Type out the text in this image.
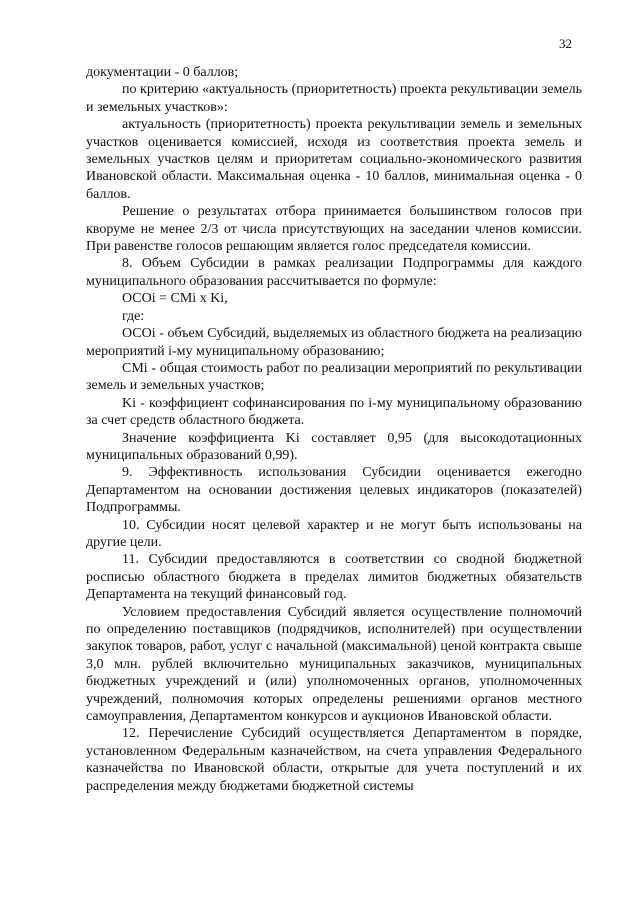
32

документации - 0 баллов;

по критерию «актуальность (приоритетность) проекта рекультивации земель и земельных участков»:

актуальность (приоритетность) проекта рекультивации земель и земельных участков оценивается комиссией, исходя из соответствия проекта земель и земельных участков целям и приоритетам социально-экономического развития Ивановской области. Максимальная оценка - 10 баллов, минимальная оценка - 0 баллов.

Решение о результатах отбора принимается большинством голосов при кворуме не менее 2/3 от числа присутствующих на заседании членов комиссии. При равенстве голосов решающим является голос председателя комиссии.

8. Объем Субсидии в рамках реализации Подпрограммы для каждого муниципального образования рассчитывается по формуле:

ОСОi = СМi x Ki,

где:

ОСОi - объем Субсидий, выделяемых из областного бюджета на реализацию мероприятий i-му муниципальному образованию;

СМi - общая стоимость работ по реализации мероприятий по рекультивации земель и земельных участков;

Ki - коэффициент софинансирования по i-му муниципальному образованию за счет средств областного бюджета.

Значение коэффициента Ki составляет 0,95 (для высокодотационных муниципальных образований 0,99).

9. Эффективность использования Субсидии оценивается ежегодно Департаментом на основании достижения целевых индикаторов (показателей) Подпрограммы.

10. Субсидии носят целевой характер и не могут быть использованы на другие цели.

11. Субсидии предоставляются в соответствии со сводной бюджетной росписью областного бюджета в пределах лимитов бюджетных обязательств Департамента на текущий финансовый год.

Условием предоставления Субсидий является осуществление полномочий по определению поставщиков (подрядчиков, исполнителей) при осуществлении закупок товаров, работ, услуг с начальной (максимальной) ценой контракта свыше 3,0 млн. рублей включительно муниципальных заказчиков, муниципальных бюджетных учреждений и (или) уполномоченных органов, уполномоченных учреждений, полномочия которых определены решениями органов местного самоуправления, Департаментом конкурсов и аукционов Ивановской области.

12. Перечисление Субсидий осуществляется Департаментом в порядке, установленном Федеральным казначейством, на счета управления Федерального казначейства по Ивановской области, открытые для учета поступлений и их распределения между бюджетами бюджетной системы
